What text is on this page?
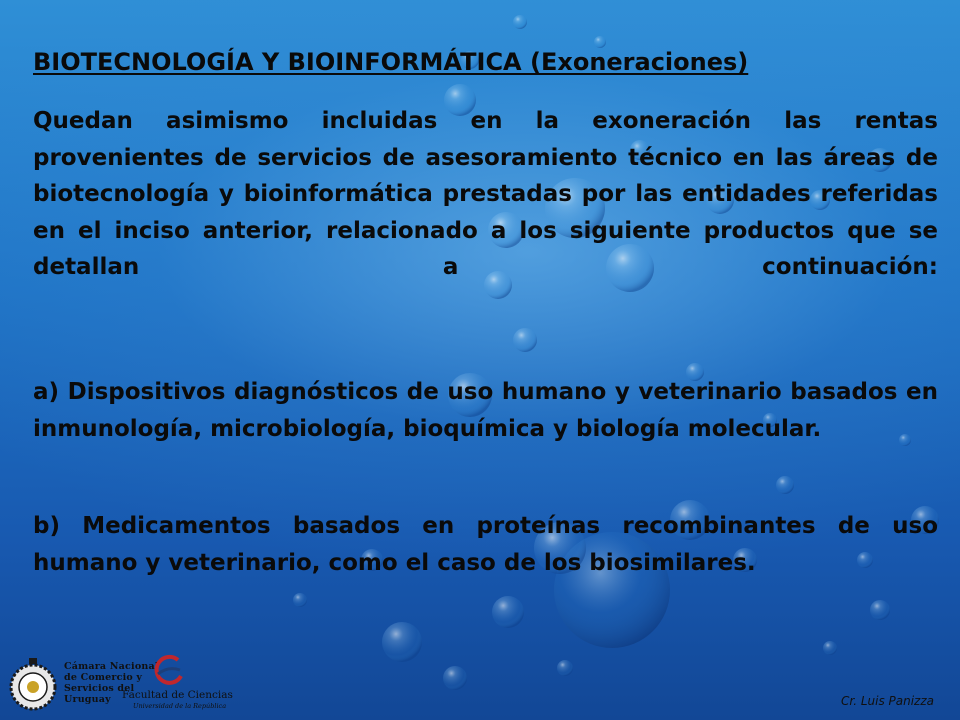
BIOTECNOLOGÍA Y BIOINFORMÁTICA (Exoneraciones)

Quedan asimismo incluidas en la exoneración las rentas provenientes de servicios de asesoramiento técnico en las áreas de biotecnología y bioinformática prestadas por las entidades referidas en el inciso anterior, relacionado a los siguiente productos que se detallan a continuación:

a) Dispositivos diagnósticos de uso humano y veterinario basados en inmunología, microbiología, bioquímica y biología molecular.

b) Medicamentos basados en proteínas recombinantes de uso humano y veterinario, como el caso de los biosimilares.

Cámara Nacional
de Comercio y
Servicios del
Uruguay	Facultad de Ciencias
Universidad de la República	Cr. Luis Panizza
